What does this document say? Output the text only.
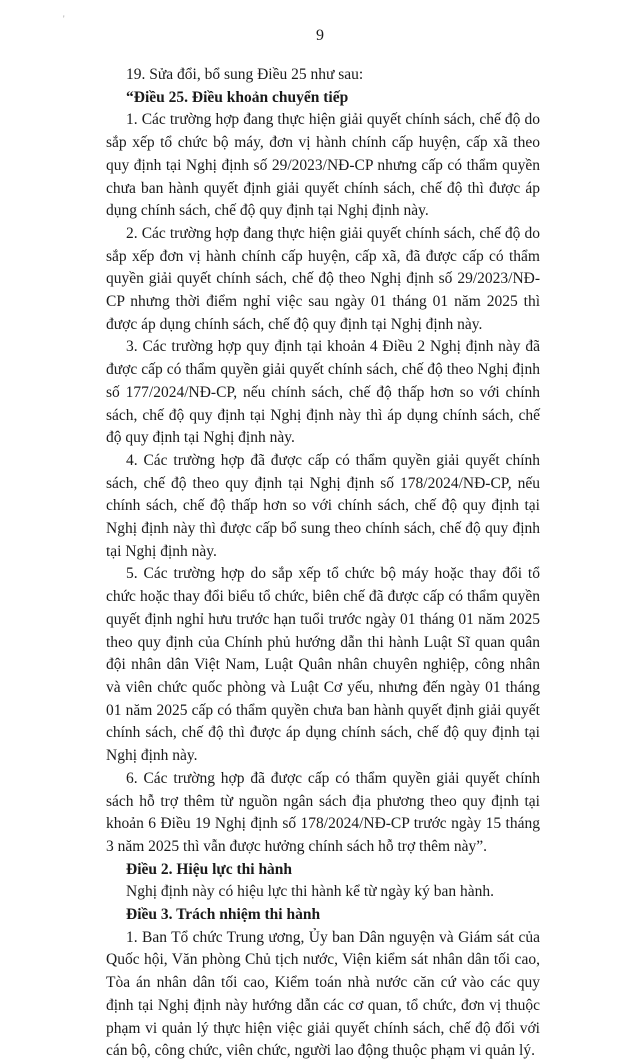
'
9

19. Sửa đổi, bổ sung Điều 25 như sau:

“Điều 25. Điều khoản chuyển tiếp

1. Các trường hợp đang thực hiện giải quyết chính sách, chế độ do sắp xếp tổ chức bộ máy, đơn vị hành chính cấp huyện, cấp xã theo quy định tại Nghị định số 29/2023/NĐ-CP nhưng cấp có thẩm quyền chưa ban hành quyết định giải quyết chính sách, chế độ thì được áp dụng chính sách, chế độ quy định tại Nghị định này.

2. Các trường hợp đang thực hiện giải quyết chính sách, chế độ do sắp xếp đơn vị hành chính cấp huyện, cấp xã, đã được cấp có thẩm quyền giải quyết chính sách, chế độ theo Nghị định số 29/2023/NĐ-CP nhưng thời điểm nghỉ việc sau ngày 01 tháng 01 năm 2025 thì được áp dụng chính sách, chế độ quy định tại Nghị định này.

3. Các trường hợp quy định tại khoản 4 Điều 2 Nghị định này đã được cấp có thẩm quyền giải quyết chính sách, chế độ theo Nghị định số 177/2024/NĐ-CP, nếu chính sách, chế độ thấp hơn so với chính sách, chế độ quy định tại Nghị định này thì áp dụng chính sách, chế độ quy định tại Nghị định này.

4. Các trường hợp đã được cấp có thẩm quyền giải quyết chính sách, chế độ theo quy định tại Nghị định số 178/2024/NĐ-CP, nếu chính sách, chế độ thấp hơn so với chính sách, chế độ quy định tại Nghị định này thì được cấp bổ sung theo chính sách, chế độ quy định tại Nghị định này.

5. Các trường hợp do sắp xếp tổ chức bộ máy hoặc thay đổi tổ chức hoặc thay đổi biểu tổ chức, biên chế đã được cấp có thẩm quyền quyết định nghỉ hưu trước hạn tuổi trước ngày 01 tháng 01 năm 2025 theo quy định của Chính phủ hướng dẫn thi hành Luật Sĩ quan quân đội nhân dân Việt Nam, Luật Quân nhân chuyên nghiệp, công nhân và viên chức quốc phòng và Luật Cơ yếu, nhưng đến ngày 01 tháng 01 năm 2025 cấp có thẩm quyền chưa ban hành quyết định giải quyết chính sách, chế độ thì được áp dụng chính sách, chế độ quy định tại Nghị định này.

6. Các trường hợp đã được cấp có thẩm quyền giải quyết chính sách hỗ trợ thêm từ nguồn ngân sách địa phương theo quy định tại khoản 6 Điều 19 Nghị định số 178/2024/NĐ-CP trước ngày 15 tháng 3 năm 2025 thì vẫn được hưởng chính sách hỗ trợ thêm này”.

Điều 2. Hiệu lực thi hành

Nghị định này có hiệu lực thi hành kể từ ngày ký ban hành.

Điều 3. Trách nhiệm thi hành

1. Ban Tổ chức Trung ương, Ủy ban Dân nguyện và Giám sát của Quốc hội, Văn phòng Chủ tịch nước, Viện kiểm sát nhân dân tối cao, Tòa án nhân dân tối cao, Kiểm toán nhà nước căn cứ vào các quy định tại Nghị định này hướng dẫn các cơ quan, tổ chức, đơn vị thuộc phạm vi quản lý thực hiện việc giải quyết chính sách, chế độ đối với cán bộ, công chức, viên chức, người lao động thuộc phạm vi quản lý.
